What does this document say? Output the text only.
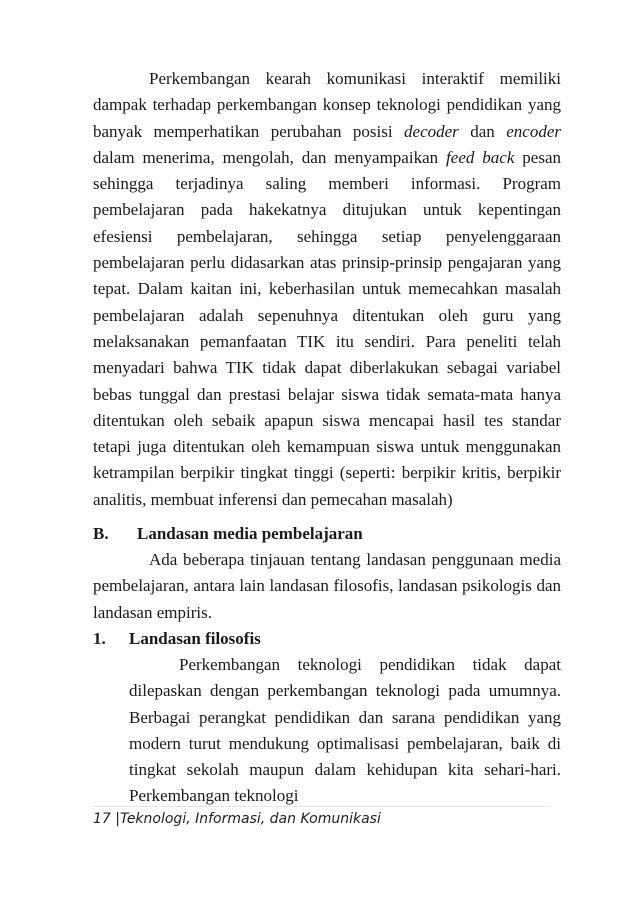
Perkembangan kearah komunikasi interaktif memiliki dampak terhadap perkembangan konsep teknologi pendidikan yang banyak memperhatikan perubahan posisi decoder dan encoder dalam menerima, mengolah, dan menyampaikan feed back pesan sehingga terjadinya saling memberi informasi. Program pembelajaran pada hakekatnya ditujukan untuk kepentingan efesiensi pembelajaran, sehingga setiap penyelenggaraan pembelajaran perlu didasarkan atas prinsip-prinsip pengajaran yang tepat. Dalam kaitan ini, keberhasilan untuk memecahkan masalah pembelajaran adalah sepenuhnya ditentukan oleh guru yang melaksanakan pemanfaatan TIK itu sendiri. Para peneliti telah menyadari bahwa TIK tidak dapat diberlakukan sebagai variabel bebas tunggal dan prestasi belajar siswa tidak semata-mata hanya ditentukan oleh sebaik apapun siswa mencapai hasil tes standar tetapi juga ditentukan oleh kemampuan siswa untuk menggunakan ketrampilan berpikir tingkat tinggi (seperti: berpikir kritis, berpikir analitis, membuat inferensi dan pemecahan masalah)

B. Landasan media pembelajaran

Ada beberapa tinjauan tentang landasan penggunaan media pembelajaran, antara lain landasan filosofis, landasan psikologis dan landasan empiris.

1. Landasan filosofis

Perkembangan teknologi pendidikan tidak dapat dilepaskan dengan perkembangan teknologi pada umumnya. Berbagai perangkat pendidikan dan sarana pendidikan yang modern turut mendukung optimalisasi pembelajaran, baik di tingkat sekolah maupun dalam kehidupan kita sehari-hari. Perkembangan teknologi

17 |Teknologi, Informasi, dan Komunikasi
